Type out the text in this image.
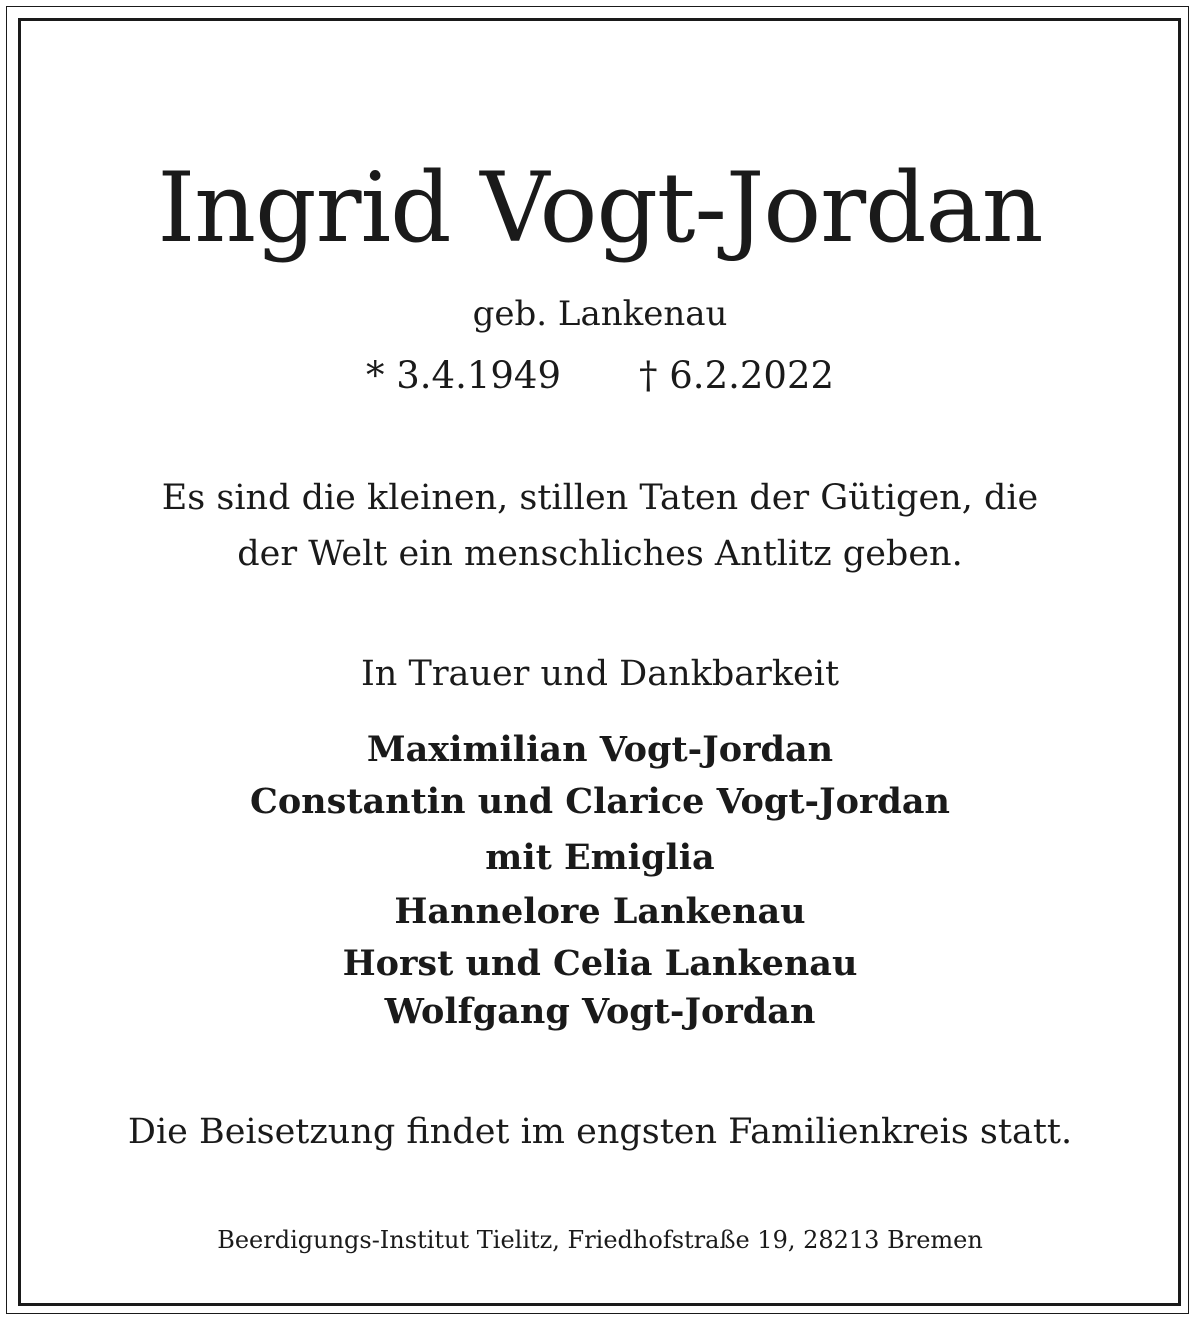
Ingrid Vogt-Jordan
geb. Lankenau
* 3.4.1949 † 6.2.2022
Es sind die kleinen, stillen Taten der Gütigen, die
der Welt ein menschliches Antlitz geben.
In Trauer und Dankbarkeit
Maximilian Vogt-Jordan
Constantin und Clarice Vogt-Jordan
mit Emiglia
Hannelore Lankenau
Horst und Celia Lankenau
Wolfgang Vogt-Jordan
Die Beisetzung findet im engsten Familienkreis statt.
Beerdigungs-Institut Tielitz, Friedhofstraße 19, 28213 Bremen
